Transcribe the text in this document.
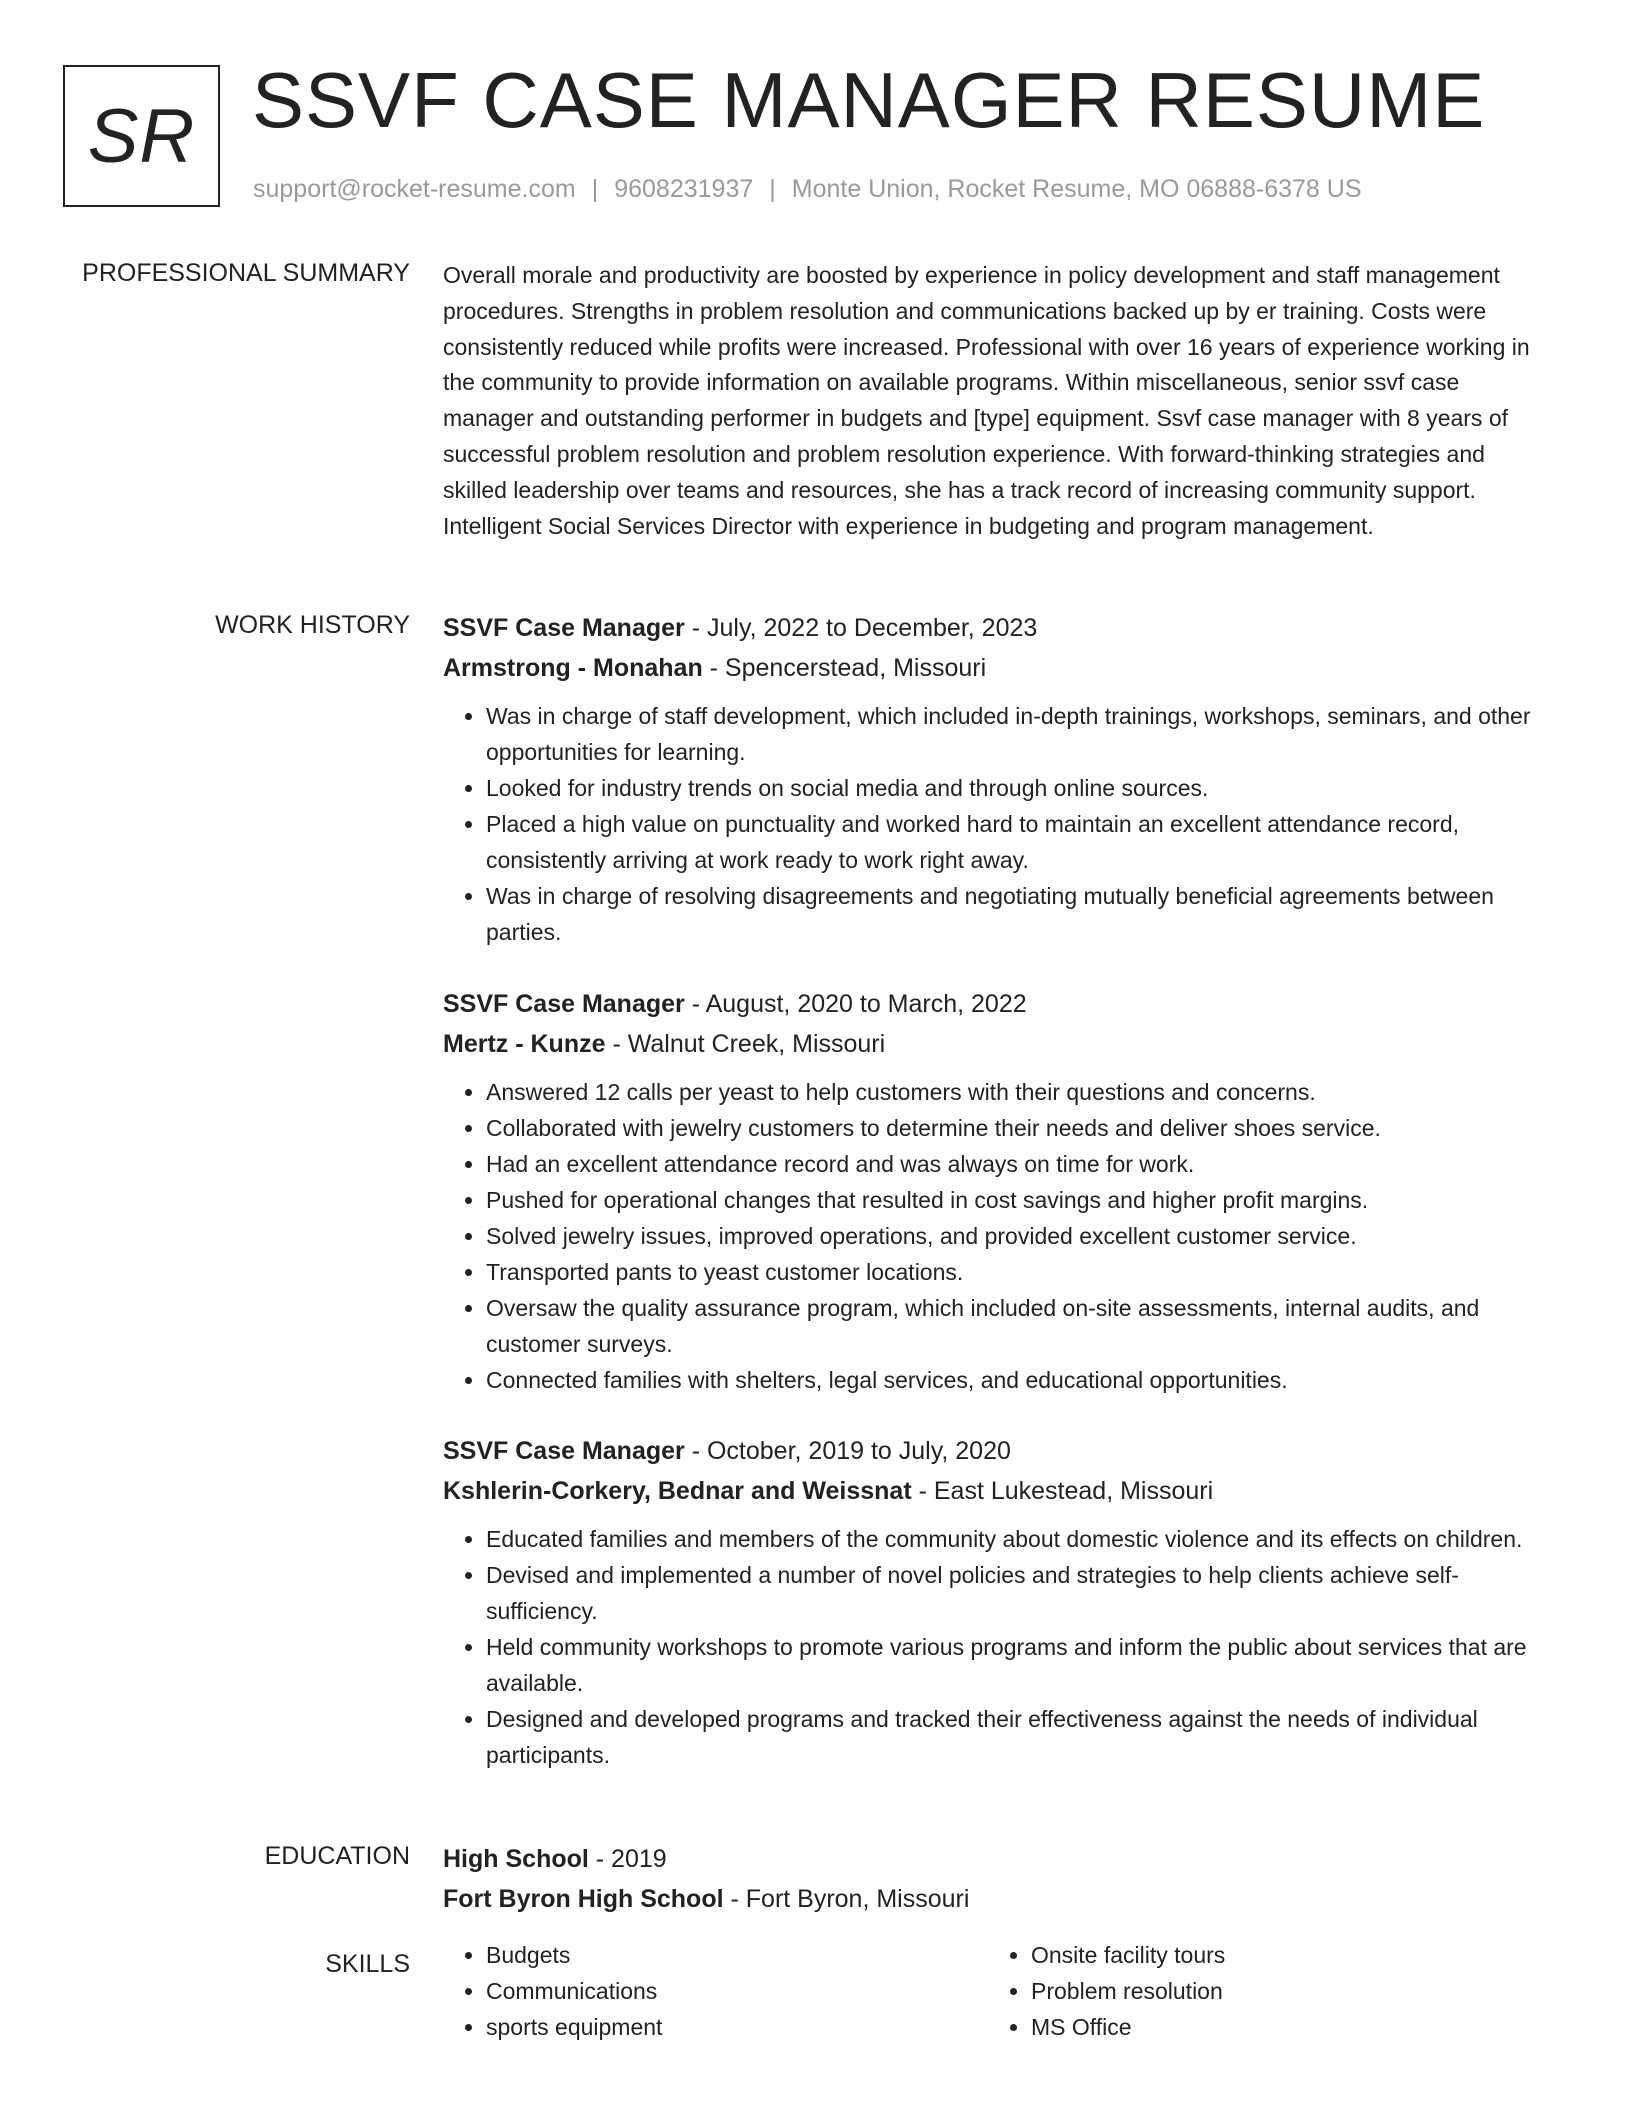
SR SSVF CASE MANAGER RESUME
support@rocket-resume.com | 9608231937 | Monte Union, Rocket Resume, MO 06888-6378 US
PROFESSIONAL SUMMARY Overall morale and productivity are boosted by experience in policy development and staff management procedures. Strengths in problem resolution and communications backed up by er training. Costs were consistently reduced while profits were increased. Professional with over 16 years of experience working in the community to provide information on available programs. Within miscellaneous, senior ssvf case manager and outstanding performer in budgets and [type] equipment. Ssvf case manager with 8 years of successful problem resolution and problem resolution experience. With forward-thinking strategies and skilled leadership over teams and resources, she has a track record of increasing community support. Intelligent Social Services Director with experience in budgeting and program management.

WORK HISTORY SSVF Case Manager - July, 2022 to December, 2023

Armstrong - Monahan - Spencerstead, Missouri

• Was in charge of staff development, which included in-depth trainings, workshops, seminars, and other opportunities for learning.
• Looked for industry trends on social media and through online sources.
• Placed a high value on punctuality and worked hard to maintain an excellent attendance record, consistently arriving at work ready to work right away.
• Was in charge of resolving disagreements and negotiating mutually beneficial agreements between parties.

SSVF Case Manager - August, 2020 to March, 2022

Mertz - Kunze - Walnut Creek, Missouri

• Answered 12 calls per yeast to help customers with their questions and concerns.
• Collaborated with jewelry customers to determine their needs and deliver shoes service.
• Had an excellent attendance record and was always on time for work.
• Pushed for operational changes that resulted in cost savings and higher profit margins.
• Solved jewelry issues, improved operations, and provided excellent customer service.
• Transported pants to yeast customer locations.
• Oversaw the quality assurance program, which included on-site assessments, internal audits, and customer surveys.
• Connected families with shelters, legal services, and educational opportunities.

SSVF Case Manager - October, 2019 to July, 2020

Kshlerin-Corkery, Bednar and Weissnat - East Lukestead, Missouri

• Educated families and members of the community about domestic violence and its effects on children.
• Devised and implemented a number of novel policies and strategies to help clients achieve self-sufficiency.
• Held community workshops to promote various programs and inform the public about services that are available.
• Designed and developed programs and tracked their effectiveness against the needs of individual participants.
EDUCATION High School - 2019

Fort Byron High School - Fort Byron, Missouri

SKILLS
•	Budgets
• Communications
• sports equipment
• Onsite facility tours
• Problem resolution
• MS Office
